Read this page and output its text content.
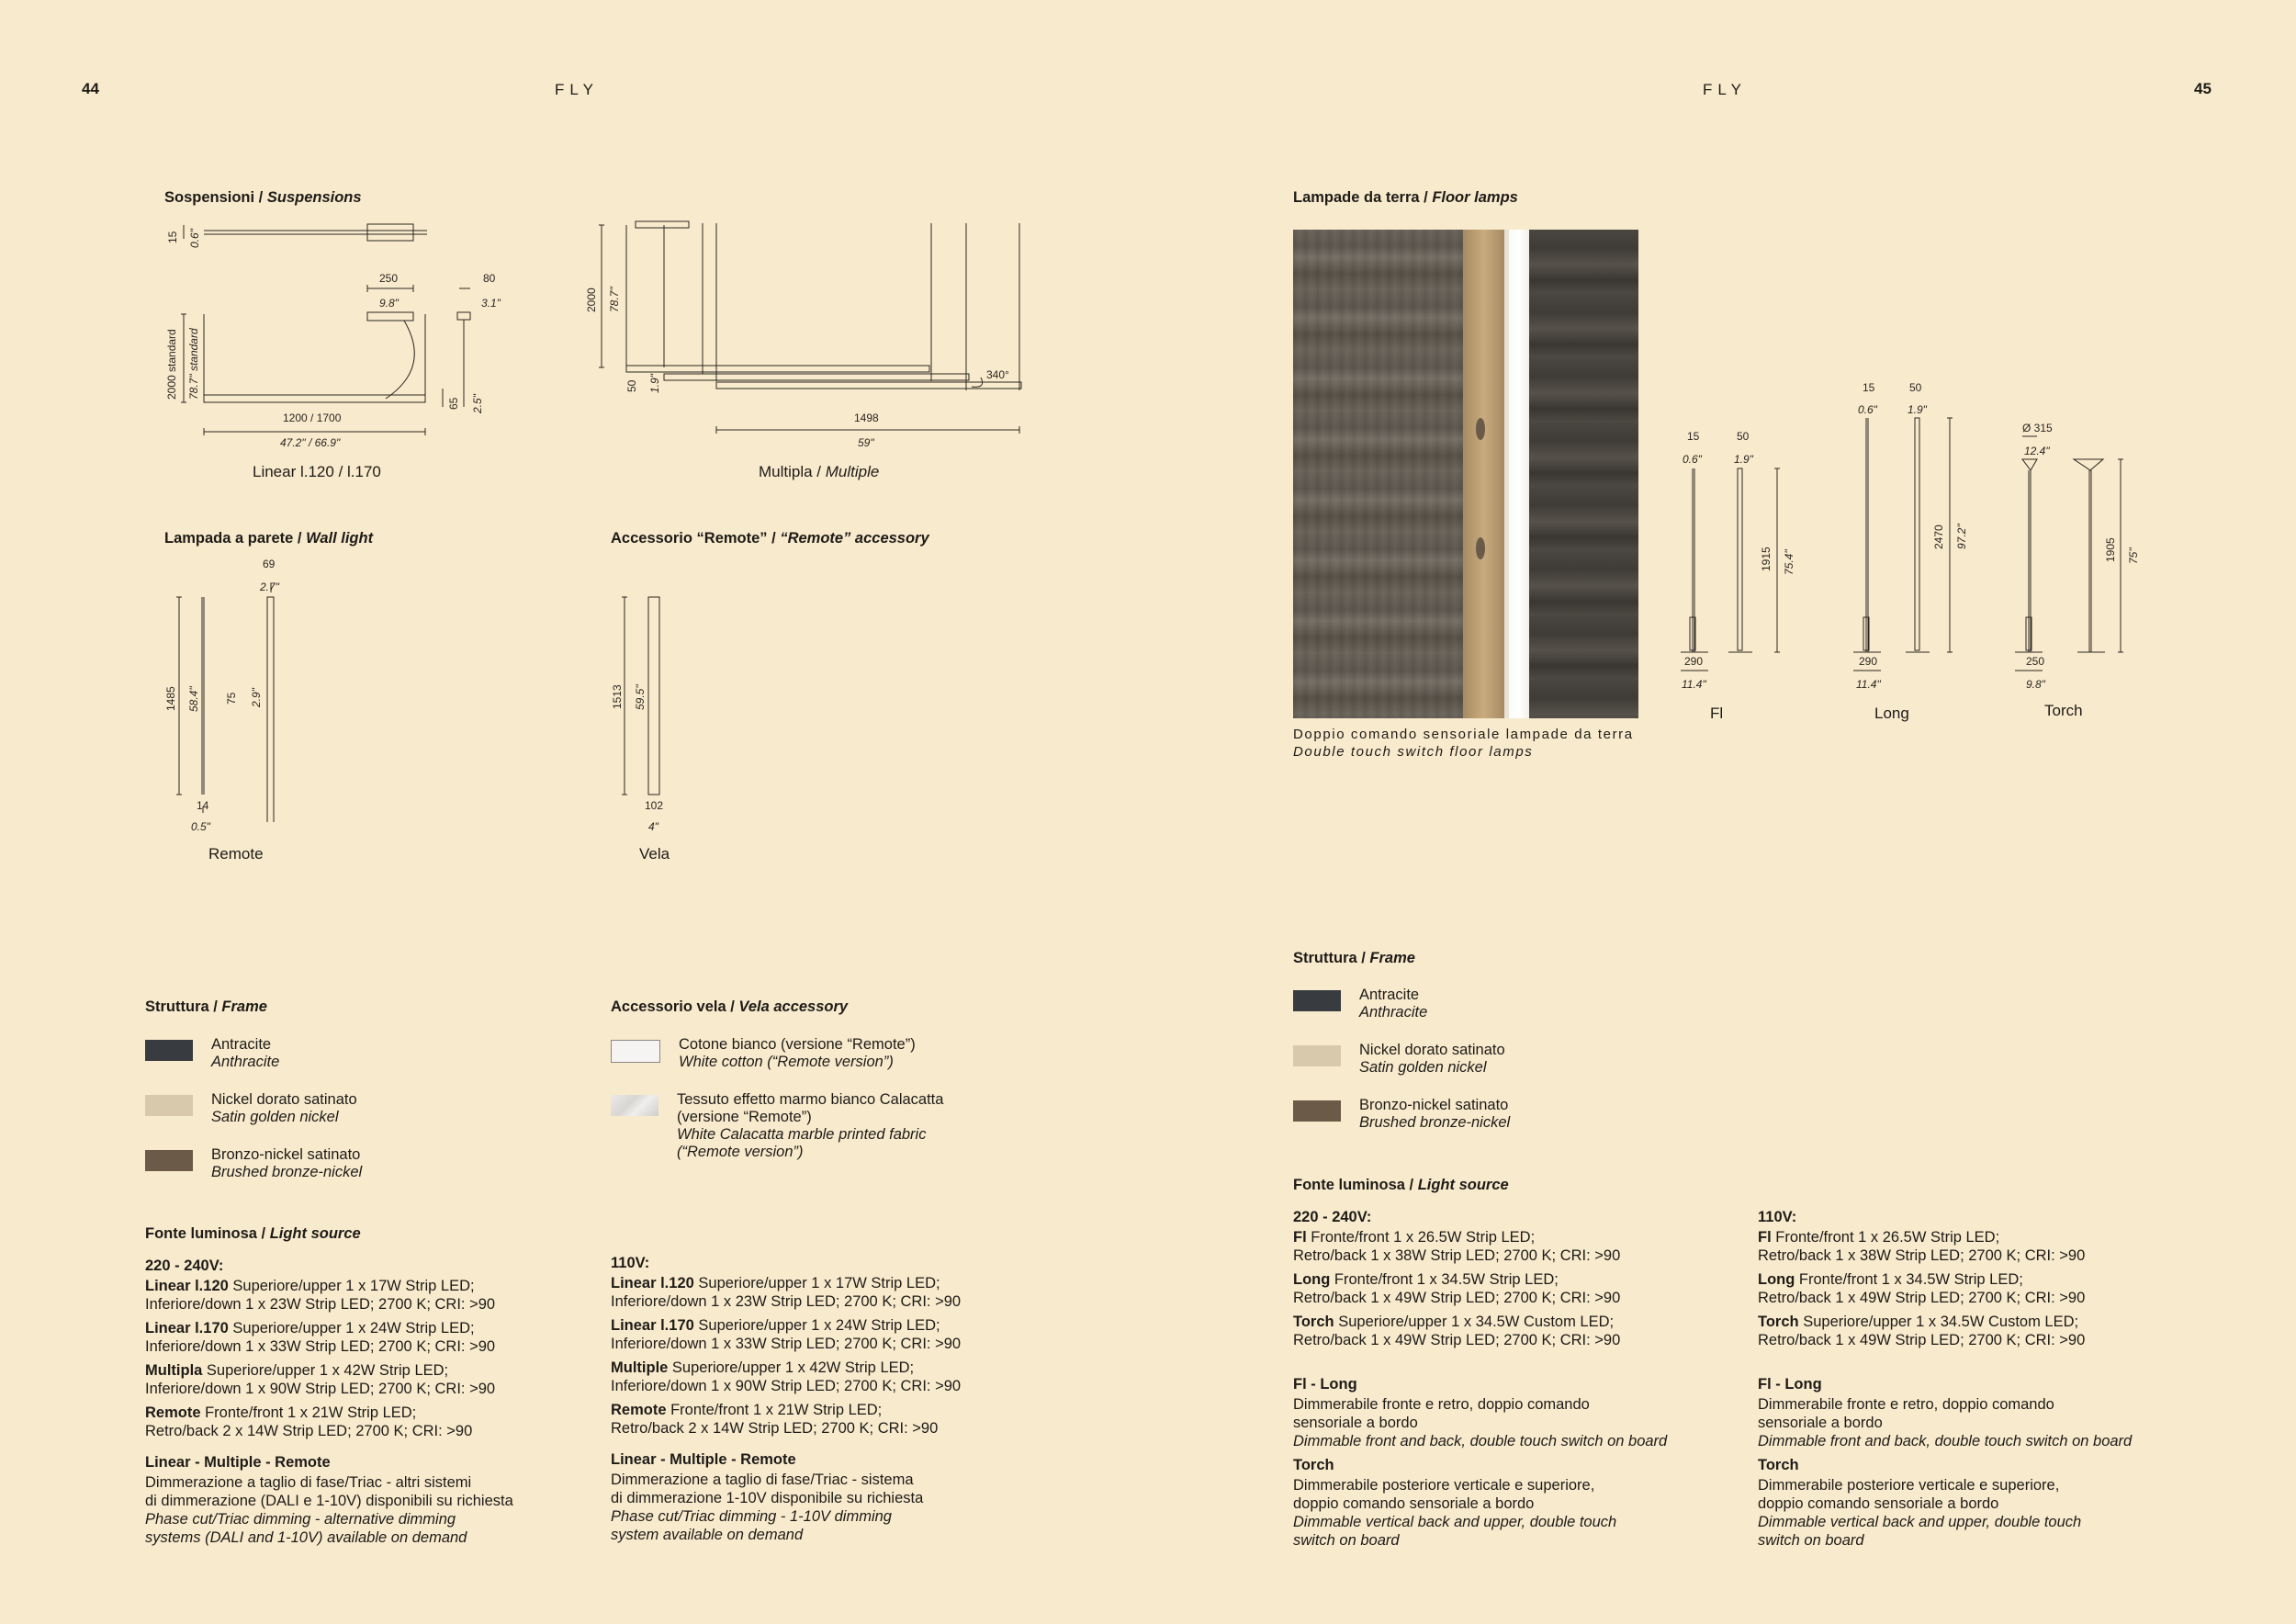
44	FLY	FLY	45
Sospensioni / Suspensions
15 0.6"
250
9.8"
80
3.1"
2000 standard 78.7" standard
65 2.5"
1200 / 1700
47.2" / 66.9"
Linear l.120 / l.170
2000 78.7"
50 1.9"	340°
1498
59"
Multipla / Multiple
Lampada a parete / Wall light
69
2.7"
1485 58.4" 75 2.9"
14
0.5"
Remote
Accessorio “Remote” / “Remote” accessory
1513 59.5"
102
4"
Vela
Struttura / Frame
Antracite
Anthracite
Nickel dorato satinato
Satin golden nickel
Bronzo-nickel satinato
Brushed bronze-nickel
Accessorio vela / Vela accessory
Cotone bianco (versione “Remote”)
White cotton (“Remote version”)
Tessuto effetto marmo bianco Calacatta
(versione “Remote”)
White Calacatta marble printed fabric
(“Remote version”)
Fonte luminosa / Light source
220 - 240V:

Linear l.120 Superiore/upper 1 x 17W Strip LED;
Inferiore/down 1 x 23W Strip LED; 2700 K; CRI: >90

Linear l.170 Superiore/upper 1 x 24W Strip LED;
Inferiore/down 1 x 33W Strip LED; 2700 K; CRI: >90

Multipla Superiore/upper 1 x 42W Strip LED;
Inferiore/down 1 x 90W Strip LED; 2700 K; CRI: >90

Remote Fronte/front 1 x 21W Strip LED;
Retro/back 2 x 14W Strip LED; 2700 K; CRI: >90

Linear - Multiple - Remote
Dimmerazione a taglio di fase/Triac - altri sistemi
di dimmerazione (DALI e 1-10V) disponibili su richiesta
Phase cut/Triac dimming - alternative dimming
systems (DALI and 1-10V) available on demand
110V:

Linear l.120 Superiore/upper 1 x 17W Strip LED;
Inferiore/down 1 x 23W Strip LED; 2700 K; CRI: >90

Linear l.170 Superiore/upper 1 x 24W Strip LED;
Inferiore/down 1 x 33W Strip LED; 2700 K; CRI: >90

Multiple Superiore/upper 1 x 42W Strip LED;
Inferiore/down 1 x 90W Strip LED; 2700 K; CRI: >90

Remote Fronte/front 1 x 21W Strip LED;
Retro/back 2 x 14W Strip LED; 2700 K; CRI: >90

Linear - Multiple - Remote
Dimmerazione a taglio di fase/Triac - sistema
di dimmerazione 1-10V disponibile su richiesta
Phase cut/Triac dimming - 1-10V dimming
system available on demand
Lampade da terra / Floor lamps
Doppio comando sensoriale lampade da terra
Double touch switch floor lamps
15
0.6"
50
1.9"
1915 75.4"
290
11.4"
Fl
15
0.6"
50
1.9"
2470 97.2"
290
11.4"
Long
Ø 315
12.4"
1905 75"
250
9.8"
Torch
Struttura / Frame
Antracite
Anthracite
Nickel dorato satinato
Satin golden nickel
Bronzo-nickel satinato
Brushed bronze-nickel
Fonte luminosa / Light source
220 - 240V:

Fl Fronte/front 1 x 26.5W Strip LED;
Retro/back 1 x 38W Strip LED; 2700 K; CRI: >90

Long Fronte/front 1 x 34.5W Strip LED;
Retro/back 1 x 49W Strip LED; 2700 K; CRI: >90

Torch Superiore/upper 1 x 34.5W Custom LED;
Retro/back 1 x 49W Strip LED; 2700 K; CRI: >90

Fl - Long
Dimmerabile fronte e retro, doppio comando
sensoriale a bordo
Dimmable front and back, double touch switch on board
Torch
Dimmerabile posteriore verticale e superiore,
doppio comando sensoriale a bordo
Dimmable vertical back and upper, double touch
switch on board
110V:

Fl Fronte/front 1 x 26.5W Strip LED;
Retro/back 1 x 38W Strip LED; 2700 K; CRI: >90

Long Fronte/front 1 x 34.5W Strip LED;
Retro/back 1 x 49W Strip LED; 2700 K; CRI: >90

Torch Superiore/upper 1 x 34.5W Custom LED;
Retro/back 1 x 49W Strip LED; 2700 K; CRI: >90

Fl - Long
Dimmerabile fronte e retro, doppio comando
sensoriale a bordo
Dimmable front and back, double touch switch on board
Torch
Dimmerabile posteriore verticale e superiore,
doppio comando sensoriale a bordo
Dimmable vertical back and upper, double touch
switch on board
